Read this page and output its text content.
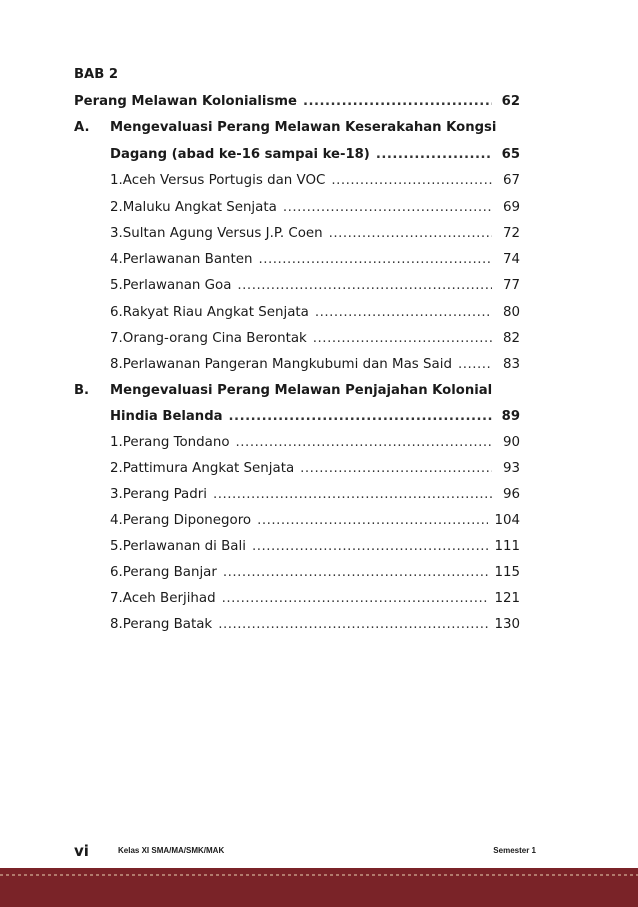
BAB 2
Perang Melawan Kolonialisme .....	62
A.	Mengevaluasi Perang Melawan Keserakahan Kongsi
Dagang (abad ke-16 sampai ke-18) .....	65
1. Aceh Versus Portugis dan VOC .....	67
2. Maluku Angkat Senjata .....	69
3. Sultan Agung Versus J.P. Coen .....	72
4. Perlawanan Banten .....	74
5. Perlawanan Goa .....	77
6. Rakyat Riau Angkat Senjata .....	80
7. Orang-orang Cina Berontak .....	82
8. Perlawanan Pangeran Mangkubumi dan Mas Said .....	83
B.	Mengevaluasi Perang Melawan Penjajahan Kolonial
Hindia Belanda .....	89
1. Perang Tondano .....	90
2. Pattimura Angkat Senjata .....	93
3. Perang Padri .....	96
4. Perang Diponegoro .....	104
5. Perlawanan di Bali .....	111
6. Perang Banjar .....	115
7. Aceh Berjihad .....	121
8. Perang Batak .....	130
vi	Kelas XI SMA/MA/SMK/MAK	Semester 1
